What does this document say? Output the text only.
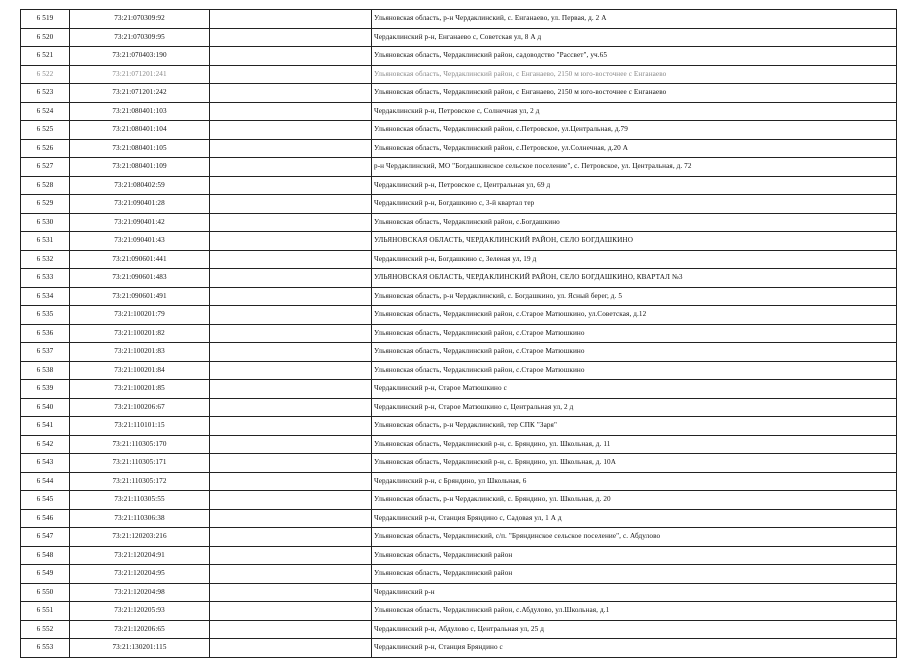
6 519	73:21:070309:92		Ульяновская область, р-н Чердаклинский, с. Енганаево, ул. Первая, д. 2 А
6 520	73:21:070309:95		Чердаклинский р-н, Енганаево с, Советская ул, 8 А д
6 521	73:21:070403:190		Ульяновская область, Чердаклинский район, садоводство "Рассвет", уч.65
6 522	73:21:071201:241		Ульяновская область, Чердаклинский район, с Енганаево, 2150 м юго-восточнее с Енганаево
6 523	73:21:071201:242		Ульяновская область, Чердаклинский район, с Енганаево, 2150 м юго-восточнее с Енганаево
6 524	73:21:080401:103		Чердаклинский р-н, Петровское с, Солнечная ул, 2 д
6 525	73:21:080401:104		Ульяновская область, Чердаклинский район, с.Петровское, ул.Центральная, д.79
6 526	73:21:080401:105		Ульяновская область, Чердаклинский район, с.Петровское, ул.Солнечная, д.20 А
6 527	73:21:080401:109		р-н Чердаклинский, МО "Богдашкинское сельское поселение", с. Петровское, ул. Центральная, д. 72
6 528	73:21:080402:59		Чердаклинский р-н, Петровское с, Центральная ул, 69 д
6 529	73:21:090401:28		Чердаклинский р-н, Богдашкино с, 3-й квартал тер
6 530	73:21:090401:42		Ульяновская область, Чердаклинский район, с.Богдашкино
6 531	73:21:090401:43		УЛЬЯНОВСКАЯ ОБЛАСТЬ, ЧЕРДАКЛИНСКИЙ РАЙОН, СЕЛО БОГДАШКИНО
6 532	73:21:090601:441		Чердаклинский р-н, Богдашкино с, Зеленая ул, 19 д
6 533	73:21:090601:483		УЛЬЯНОВСКАЯ ОБЛАСТЬ, ЧЕРДАКЛИНСКИЙ РАЙОН, СЕЛО БОГДАШКИНО, КВАРТАЛ №3
6 534	73:21:090601:491		Ульяновская область, р-н Чердаклинский, с. Богдашкино, ул. Ясный берег, д. 5
6 535	73:21:100201:79		Ульяновская область, Чердаклинский район, с.Старое Матюшкино, ул.Советская, д.12
6 536	73:21:100201:82		Ульяновская область, Чердаклинский район, с.Старое Матюшкино
6 537	73:21:100201:83		Ульяновская область, Чердаклинский район, с.Старое Матюшкино
6 538	73:21:100201:84		Ульяновская область, Чердаклинский район, с.Старое Матюшкино
6 539	73:21:100201:85		Чердаклинский р-н, Старое Матюшкино с
6 540	73:21:100206:67		Чердаклинский р-н, Старое Матюшкино с, Центральная ул, 2 д
6 541	73:21:110101:15		Ульяновская область, р-н Чердаклинский, тер СПК "Заря"
6 542	73:21:110305:170		Ульяновская область, Чердаклинский р-н, с. Бряндино, ул. Школьная, д. 11
6 543	73:21:110305:171		Ульяновская область, Чердаклинский р-н, с. Бряндино, ул. Школьная, д. 10А
6 544	73:21:110305:172		Чердаклинский р-н, с Бряндино, ул Школьная, 6
6 545	73:21:110305:55		Ульяновская область, р-н Чердаклинский, с. Бряндино, ул. Школьная, д. 20
6 546	73:21:110306:38		Чердаклинский р-н, Станция Бряндино с, Садовая ул, 1 А д
6 547	73:21:120203:216		Ульяновская область, Чердаклинский, с/п. "Бряндинское сельское поселение", с. Абдулово
6 548	73:21:120204:91		Ульяновская область, Чердаклинский район
6 549	73:21:120204:95		Ульяновская область, Чердаклинский район
6 550	73:21:120204:98		Чердаклинский р-н
6 551	73:21:120205:93		Ульяновская область, Чердаклинский район, с.Абдулово, ул.Школьная, д.1
6 552	73:21:120206:65		Чердаклинский р-н, Абдулово с, Центральная ул, 25 д
6 553	73:21:130201:115		Чердаклинский р-н, Станция Бряндино с
